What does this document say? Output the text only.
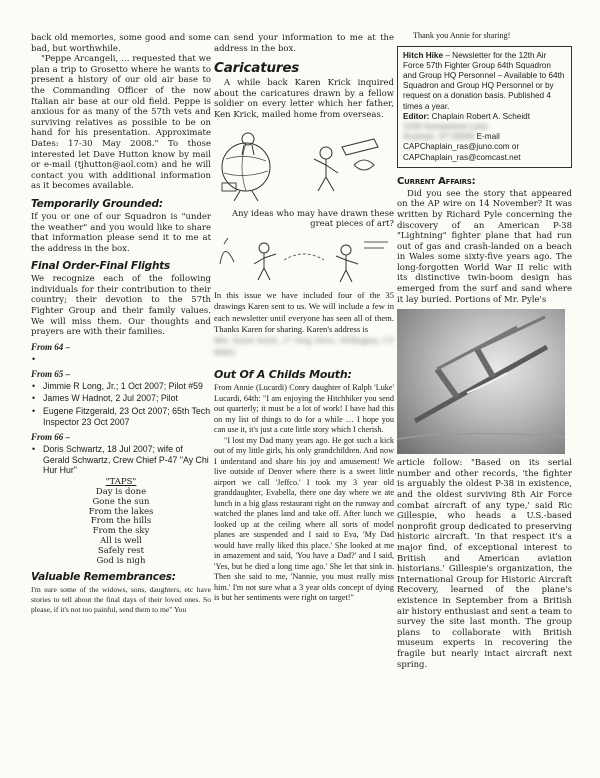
back old memories, some good and some bad, but worthwhile.

"Peppe Arcangeli, … requested that we plan a trip to Grosetto where he wants to present a history of our old air base to the Commanding Officer of the now Italian air base at our old field. Peppe is anxious for as many of the 57th vets and surviving relatives as possible to be on hand for his presentation. Approximate Dates: 17-30 May 2008." To those interested let Dave Hutton know by mail or e-mail (tjhutton@aol.com) and he will contact you with additional information as it becomes available.

Temporarily Grounded:

If you or one of our Squadron is "under the weather" and you would like to share that information please send it to me at the address in the box.

Final Order-Final Flights

We recognize each of the following individuals for their contribution to their country; their devotion to the 57th Fighter Group and their family values. We will miss them. Our thoughts and prayers are with their families.

From 64 –
•
From 65 –
• Jimmie R Long, Jr.; 1 Oct 2007; Pilot #59
• James W Hadnot, 2 Jul 2007; Pilot
• Eugene Fitzgerald, 23 Oct 2007; 65th Tech Inspector 23 Oct 2007
From 66 –
• Doris Schwartz, 18 Jul 2007; wife of Gerald Schwartz, Crew Chief P-47 "Ay Chi Hur Hur"
"TAPS"
Day is done
Gone the sun
From the lakes
From the hills
From the sky
All is well
Safely rest
God is nigh
Valuable Remembrances:

I'm sure some of the widows, sons, daughters, etc have stories to tell about the final days of their loved ones. So please, if it's not too painful, send them to me" You

can send your information to me at the address in the box.

Caricatures

A while back Karen Krick inquired about the caricatures drawn by a fellow soldier on every letter which her father, Ken Krick, mailed home from overseas.

Any ideas who may have drawn these great pieces of art?

In this issue we have included four of the 35 drawings Karen sent to us. We will include a few in each newsletter until everyone has seen all of them. Thanks Karen for sharing. Karen's address is

Mrs. Karen Krick, 17 Oreg Drive, Wellington, CT 06061

Out Of A Childs Mouth:

From Annie (Lucardi) Conry daughter of Ralph 'Luke' Lucardi, 64th: "I am enjoying the Hitchhiker you send out quarterly; it must be a lot of work! I have had this on my list of things to do for a while … I hope you can use it, it's just a cute little story which I cherish.

"I lost my Dad many years ago. He got such a kick out of my little girls, his only grandchildren. And now I understand and share his joy and amusement! We live outside of Denver where there is a sweet little airport we call 'Jeffco.' I took my 3 year old granddaughter, Evabella, there one day where we ate lunch in a big glass restaurant right on the runway and watched the planes land and take off. After lunch we looked up at the ceiling where all sorts of model planes are suspended and I said to Eva, 'My Dad would have really liked this place.' She looked at me in amazement and said, 'You have a Dad?' and I said, 'Yes, but he died a long time ago.' She let that sink in. Then she said to me, 'Nannie, you must really miss him.' I'm not sure what a 3 year olds concept of dying is but her sentiments were right on target!"

Thank you Annie for sharing!

Hitch Hike – Newsletter for the 12th Air Force 57th Fighter Group 64th Squadron and Group HQ Personnel – Available to 64th Squadron and Group HQ Personnel or by request on a donation basis. Published 4 times a year.
Editor: Chaplain Robert A. Scheidt
1234 Somewhere Lane
Anytown, ST 00000 E-mail
CAPChaplain_ras@juno.com or
CAPChaplain_ras@comcast.net
Current Affairs:

Did you see the story that appeared on the AP wire on 14 November? It was written by Richard Pyle concerning the discovery of an American P-38 "Lightning" fighter plane that had run out of gas and crash-landed on a beach in Wales some sixty-five years ago. The long-forgotten World War II relic with its distinctive twin-boom design has emerged from the surf and sand where it lay buried. Portions of Mr. Pyle's

article follow: "Based on its serial number and other records, 'the fighter is arguably the oldest P-38 in existence, and the oldest surviving 8th Air Force combat aircraft of any type,' said Ric Gillespie, who heads a U.S.-based nonprofit group dedicated to preserving historic aircraft. 'In that respect it's a major find, of exceptional interest to British and American aviation historians.' Gillespie's organization, the International Group for Historic Aircraft Recovery, learned of the plane's existence in September from a British air history enthusiast and sent a team to survey the site last month. The group plans to collaborate with British museum experts in recovering the fragile but nearly intact aircraft next spring.
